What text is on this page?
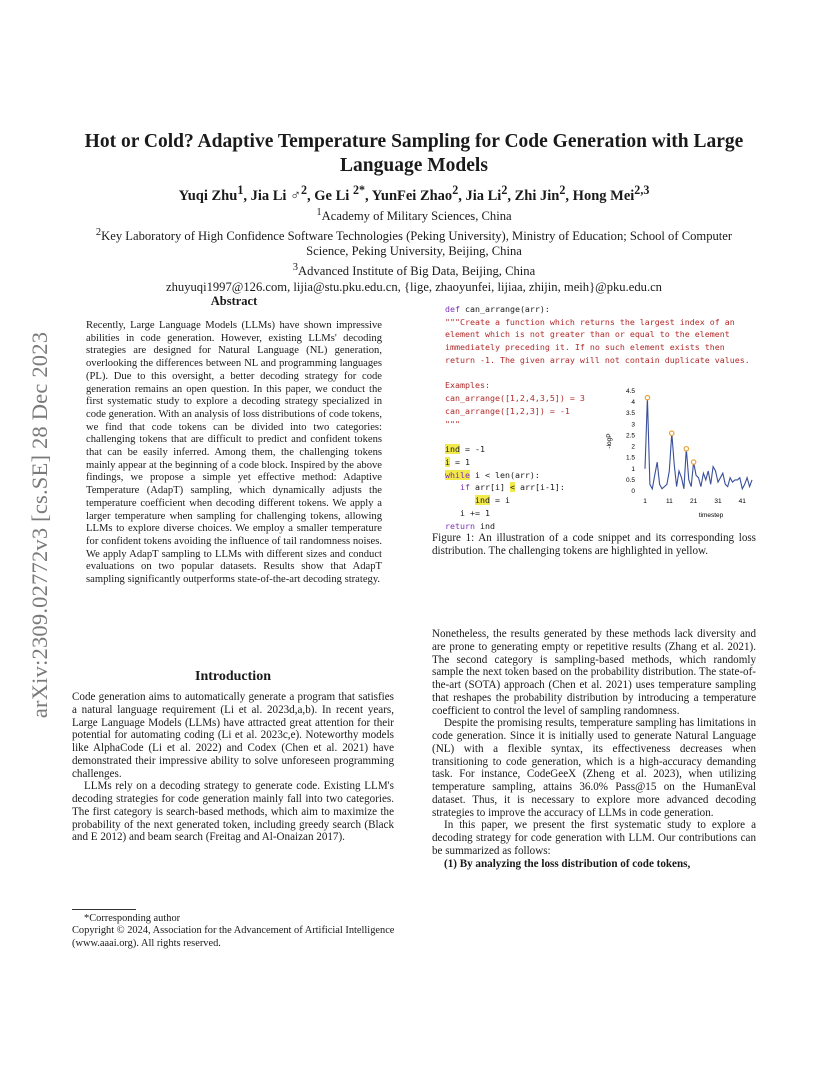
arXiv:2309.02772v3 [cs.SE] 28 Dec 2023
Hot or Cold? Adaptive Temperature Sampling for Code Generation with Large
Language Models
Yuqi Zhu$^1$, Jia Li ♂$^2$, Ge Li $^{2*}$, YunFei Zhao$^2$, Jia Li$^2$, Zhi Jin$^2$, Hong Mei$^{2,3}$
$^1$Academy of Military Sciences, China
$^2$Key Laboratory of High Confidence Software Technologies (Peking University), Ministry of Education; School of Computer
Science, Peking University, Beijing, China
$^3$Advanced Institute of Big Data, Beijing, China
zhuyuqi1997@126.com, lijia@stu.pku.edu.cn, {lige, zhaoyunfei, lijiaa, zhijin, meih}@pku.edu.cn
Abstract
Recently, Large Language Models (LLMs) have shown impressive abilities in code generation. However, existing LLMs' decoding strategies are designed for Natural Language (NL) generation, overlooking the differences between NL and programming languages (PL). Due to this oversight, a better decoding strategy for code generation remains an open question. In this paper, we conduct the first systematic study to explore a decoding strategy specialized in code generation. With an analysis of loss distributions of code tokens, we find that code tokens can be divided into two categories: challenging tokens that are difficult to predict and confident tokens that can be easily inferred. Among them, the challenging tokens mainly appear at the beginning of a code block. Inspired by the above findings, we propose a simple yet effective method: Adaptive Temperature (AdapT) sampling, which dynamically adjusts the temperature coefficient when decoding different tokens. We apply a larger temperature when sampling for challenging tokens, allowing LLMs to explore diverse choices. We employ a smaller temperature for confident tokens avoiding the influence of tail randomness noises. We apply AdapT sampling to LLMs with different sizes and conduct evaluations on two popular datasets. Results show that AdapT sampling significantly outperforms state-of-the-art decoding strategy.
Introduction

Code generation aims to automatically generate a program that satisfies a natural language requirement (Li et al. 2023d,a,b). In recent years, Large Language Models (LLMs) have attracted great attention for their potential for automating coding (Li et al. 2023c,e). Noteworthy models like AlphaCode (Li et al. 2022) and Codex (Chen et al. 2021) have demonstrated their impressive ability to solve unforeseen programming challenges.

LLMs rely on a decoding strategy to generate code. Existing LLM's decoding strategies for code generation mainly fall into two categories. The first category is search-based methods, which aim to maximize the probability of the next generated token, including greedy search (Black and E 2012) and beam search (Freitag and Al-Onaizan 2017).

*Corresponding author
Copyright © 2024, Association for the Advancement of Artificial Intelligence (www.aaai.org). All rights reserved.

def can_arrange(arr):
"""Create a function which returns the largest index of an
element which is not greater than or equal to the element
immediately preceding it. If no such element exists then
return -1. The given array will not contain duplicate values.

Examples:
can_arrange([1,2,4,3,5]) = 3
can_arrange([1,2,3]) = -1
"""

ind = -1
i = 1
while i < len(arr):
if arr[i] < arr[i-1]:
ind = i
i += 1
return ind

0
0.5
1
1.5
2
2.5
3
3.5
4
4.5
1	11	21	31	41
-logP
timestep
Figure 1: An illustration of a code snippet and its corresponding loss distribution. The challenging tokens are highlighted in yellow.

Nonetheless, the results generated by these methods lack diversity and are prone to generating empty or repetitive results (Zhang et al. 2021). The second category is sampling-based methods, which randomly sample the next token based on the probability distribution. The state-of-the-art (SOTA) approach (Chen et al. 2021) uses temperature sampling that reshapes the probability distribution by introducing a temperature coefficient to control the level of sampling randomness.

Despite the promising results, temperature sampling has limitations in code generation. Since it is initially used to generate Natural Language (NL) with a flexible syntax, its effectiveness decreases when transitioning to code generation, which is a high-accuracy demanding task. For instance, CodeGeeX (Zheng et al. 2023), when utilizing temperature sampling, attains 36.0% Pass@15 on the HumanEval dataset. Thus, it is necessary to explore more advanced decoding strategies to improve the accuracy of LLMs in code generation.

In this paper, we present the first systematic study to explore a decoding strategy for code generation with LLM. Our contributions can be summarized as follows:

(1) By analyzing the loss distribution of code tokens,
